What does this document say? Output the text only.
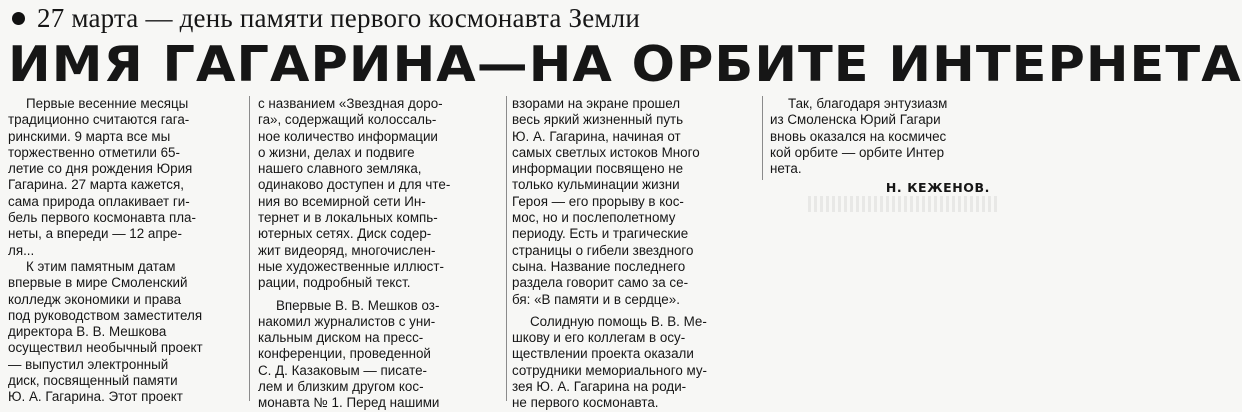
27 марта — день памяти первого космонавта Земли
ИМЯ ГАГАРИНА—НА ОРБИТЕ ИНТЕРНЕТА

Первые весенние месяцы
традиционно считаются гага-
ринскими. 9 марта все мы
торжественно отметили 65-
летие со дня рождения Юрия
Гагарина. 27 марта кажется,
сама природа оплакивает ги-
бель первого космонавта пла-
неты, а впереди — 12 апре-
ля...

К этим памятным датам
впервые в мире Смоленский
колледж экономики и права
под руководством заместителя
директора В. В. Мешкова
осуществил необычный проект
— выпустил электронный
диск, посвященный памяти
Ю. А. Гагарина. Этот проект

с названием «Звездная доро-
га», содержащий колоссаль-
ное количество информации
о жизни, делах и подвиге
нашего славного земляка,
одинаково доступен и для чте-
ния во всемирной сети Ин-
тернет и в локальных компь-
ютерных сетях. Диск содер-
жит видеоряд, многочислен-
ные художественные иллюст-
рации, подробный текст.

Впервые В. В. Мешков оз-
накомил журналистов с уни-
кальным диском на пресс-
конференции, проведенной
С. Д. Казаковым — писате-
лем и близким другом кос-
монавта № 1. Перед нашими

взорами на экране прошел
весь яркий жизненный путь
Ю. А. Гагарина, начиная от
самых светлых истоков Много
информации посвящено не
только кульминации жизни
Героя — его прорыву в кос-
мос, но и послеполетному
периоду. Есть и трагические
страницы о гибели звездного
сына. Название последнего
раздела говорит само за се-
бя: «В памяти и в сердце».

Солидную помощь В. В. Ме-
шкову и его коллегам в осу-
ществлении проекта оказали
сотрудники мемориального му-
зея Ю. А. Гагарина на роди-
не первого космонавта.

Так, благодаря энтузиазм
из Смоленска Юрий Гагари
вновь оказался на космичес
кой орбите — орбите Интер
нета.

Н. КЕЖЕНОВ.
